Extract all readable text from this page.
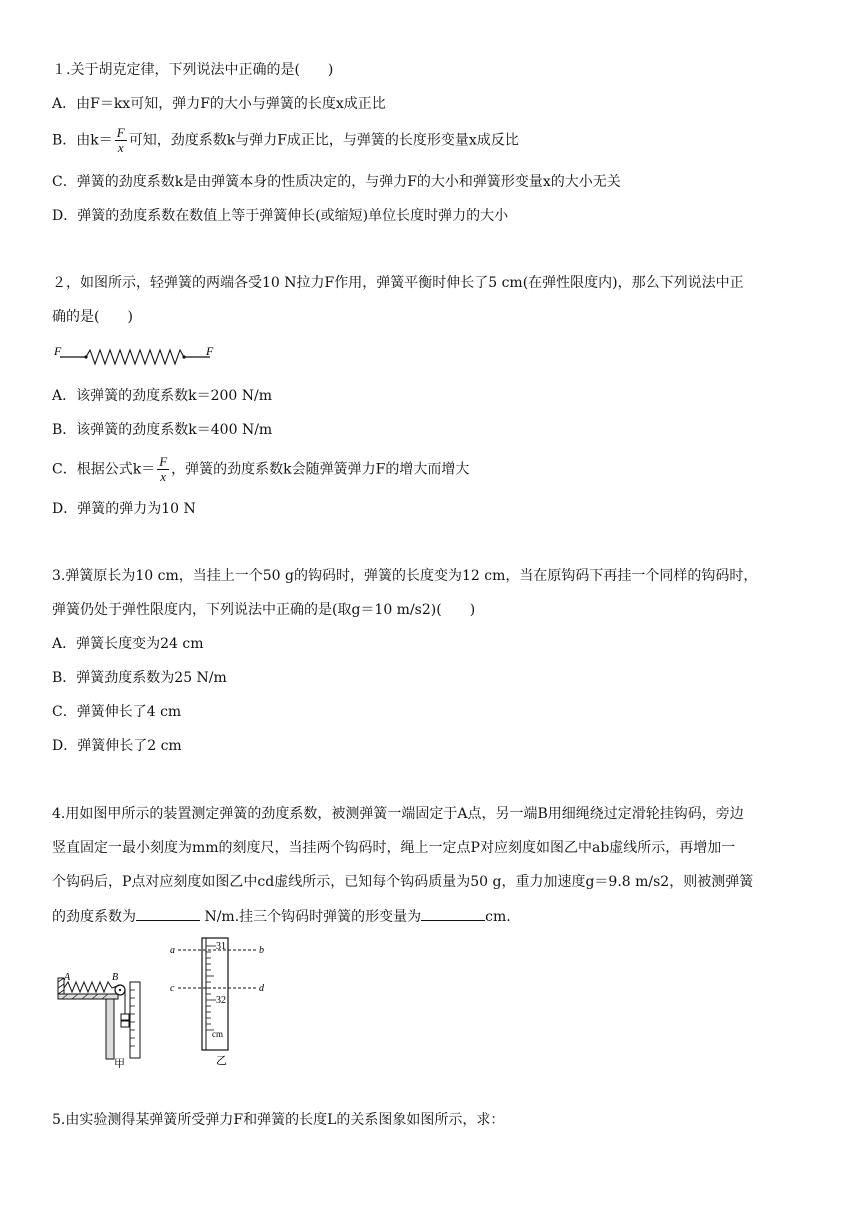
１.关于胡克定律，下列说法中正确的是(　　)
A．由F＝kx可知，弹力F的大小与弹簧的长度x成正比
B．由$k= \frac{F}{x}$ 可知，劲度系数k与弹力F成正比，与弹簧的长度形变量x成反比
C．弹簧的劲度系数k是由弹簧本身的性质决定的，与弹力F的大小和弹簧形变量x的大小无关
D．弹簧的劲度系数在数值上等于弹簧伸长(或缩短)单位长度时弹力的大小
２，如图所示，轻弹簧的两端各受10 N拉力F作用，弹簧平衡时伸长了5 cm(在弹性限度内)，那么下列说法中正
确的是(　　)
F	F
A．该弹簧的劲度系数k＝200 N/m
B．该弹簧的劲度系数k＝400 N/m
C．根据公式$k= \frac{F}{x}$ ，弹簧的劲度系数k会随弹簧弹力F的增大而增大
D．弹簧的弹力为10 N
3.弹簧原长为10 cm，当挂上一个50 g的钩码时，弹簧的长度变为12 cm，当在原钩码下再挂一个同样的钩码时，
弹簧仍处于弹性限度内，下列说法中正确的是(取g＝10 m/s2)(　　)
A．弹簧长度变为24 cm
B．弹簧劲度系数为25 N/m
C．弹簧伸长了4 cm
D．弹簧伸长了2 cm
4.用如图甲所示的装置测定弹簧的劲度系数，被测弹簧一端固定于A点，另一端B用细绳绕过定滑轮挂钩码，旁边
竖直固定一最小刻度为mm的刻度尺，当挂两个钩码时，绳上一定点P对应刻度如图乙中ab虚线所示，再增加一
个钩码后，P点对应刻度如图乙中cd虚线所示，已知每个钩码质量为50 g，重力加速度g＝9.8 m/s2，则被测弹簧
的劲度系数为	N/m.挂三个钩码时弹簧的形变量为	cm.
A	B
甲
31
32
cm
a	b
c	d
乙
5.由实验测得某弹簧所受弹力F和弹簧的长度L的关系图象如图所示，求：
